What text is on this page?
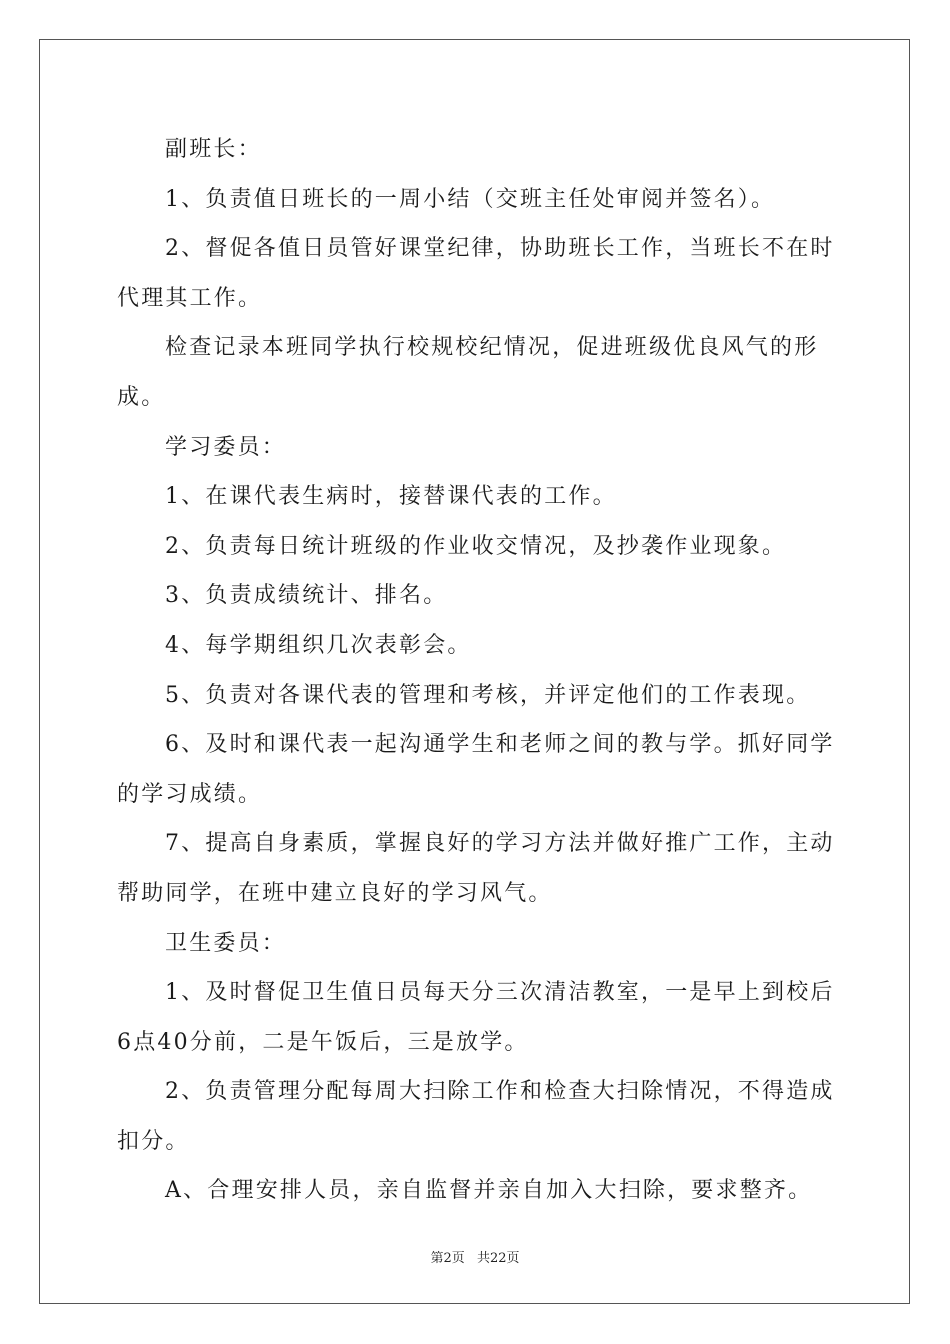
副班长：

1、负责值日班长的一周小结（交班主任处审阅并签名）。

2、督促各值日员管好课堂纪律，协助班长工作，当班长不在时代理其工作。

检查记录本班同学执行校规校纪情况，促进班级优良风气的形成。

学习委员：

1、在课代表生病时，接替课代表的工作。

2、负责每日统计班级的作业收交情况，及抄袭作业现象。

3、负责成绩统计、排名。

4、每学期组织几次表彰会。

5、负责对各课代表的管理和考核，并评定他们的工作表现。

6、及时和课代表一起沟通学生和老师之间的教与学。抓好同学的学习成绩。

7、提高自身素质，掌握良好的学习方法并做好推广工作，主动帮助同学，在班中建立良好的学习风气。

卫生委员：

1、及时督促卫生值日员每天分三次清洁教室，一是早上到校后6点40分前，二是午饭后，三是放学。

2、负责管理分配每周大扫除工作和检查大扫除情况，不得造成扣分。

A、合理安排人员，亲自监督并亲自加入大扫除，要求整齐。

第2页 共22页
